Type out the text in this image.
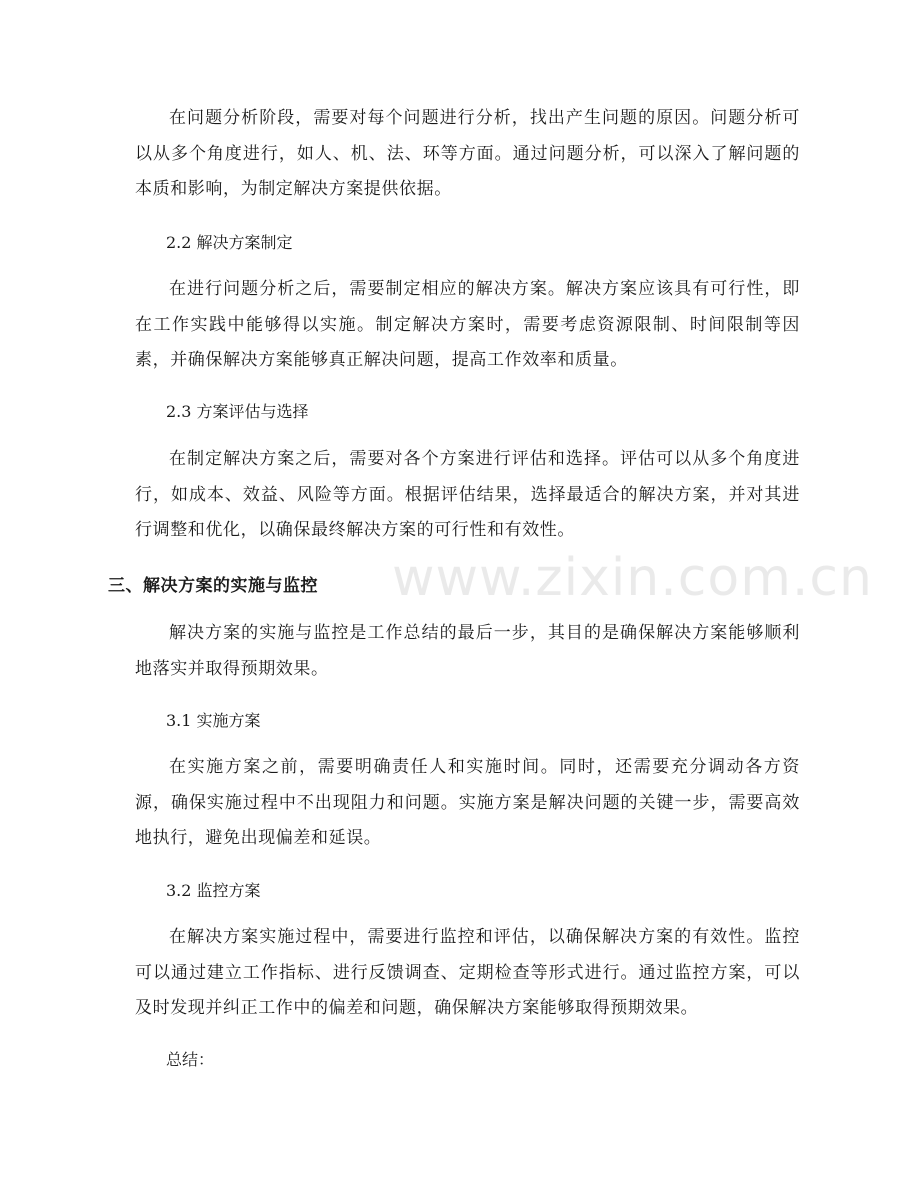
www.zixin.com.cn
在问题分析阶段，需要对每个问题进行分析，找出产生问题的原因。问题分析可以从多个角度进行，如人、机、法、环等方面。通过问题分析，可以深入了解问题的本质和影响，为制定解决方案提供依据。
2.2 解决方案制定
在进行问题分析之后，需要制定相应的解决方案。解决方案应该具有可行性，即在工作实践中能够得以实施。制定解决方案时，需要考虑资源限制、时间限制等因素，并确保解决方案能够真正解决问题，提高工作效率和质量。
2.3 方案评估与选择
在制定解决方案之后，需要对各个方案进行评估和选择。评估可以从多个角度进行，如成本、效益、风险等方面。根据评估结果，选择最适合的解决方案，并对其进行调整和优化，以确保最终解决方案的可行性和有效性。
三、解决方案的实施与监控
解决方案的实施与监控是工作总结的最后一步，其目的是确保解决方案能够顺利地落实并取得预期效果。
3.1 实施方案
在实施方案之前，需要明确责任人和实施时间。同时，还需要充分调动各方资源，确保实施过程中不出现阻力和问题。实施方案是解决问题的关键一步，需要高效地执行，避免出现偏差和延误。
3.2 监控方案
在解决方案实施过程中，需要进行监控和评估，以确保解决方案的有效性。监控可以通过建立工作指标、进行反馈调查、定期检查等形式进行。通过监控方案，可以及时发现并纠正工作中的偏差和问题，确保解决方案能够取得预期效果。
总结：
